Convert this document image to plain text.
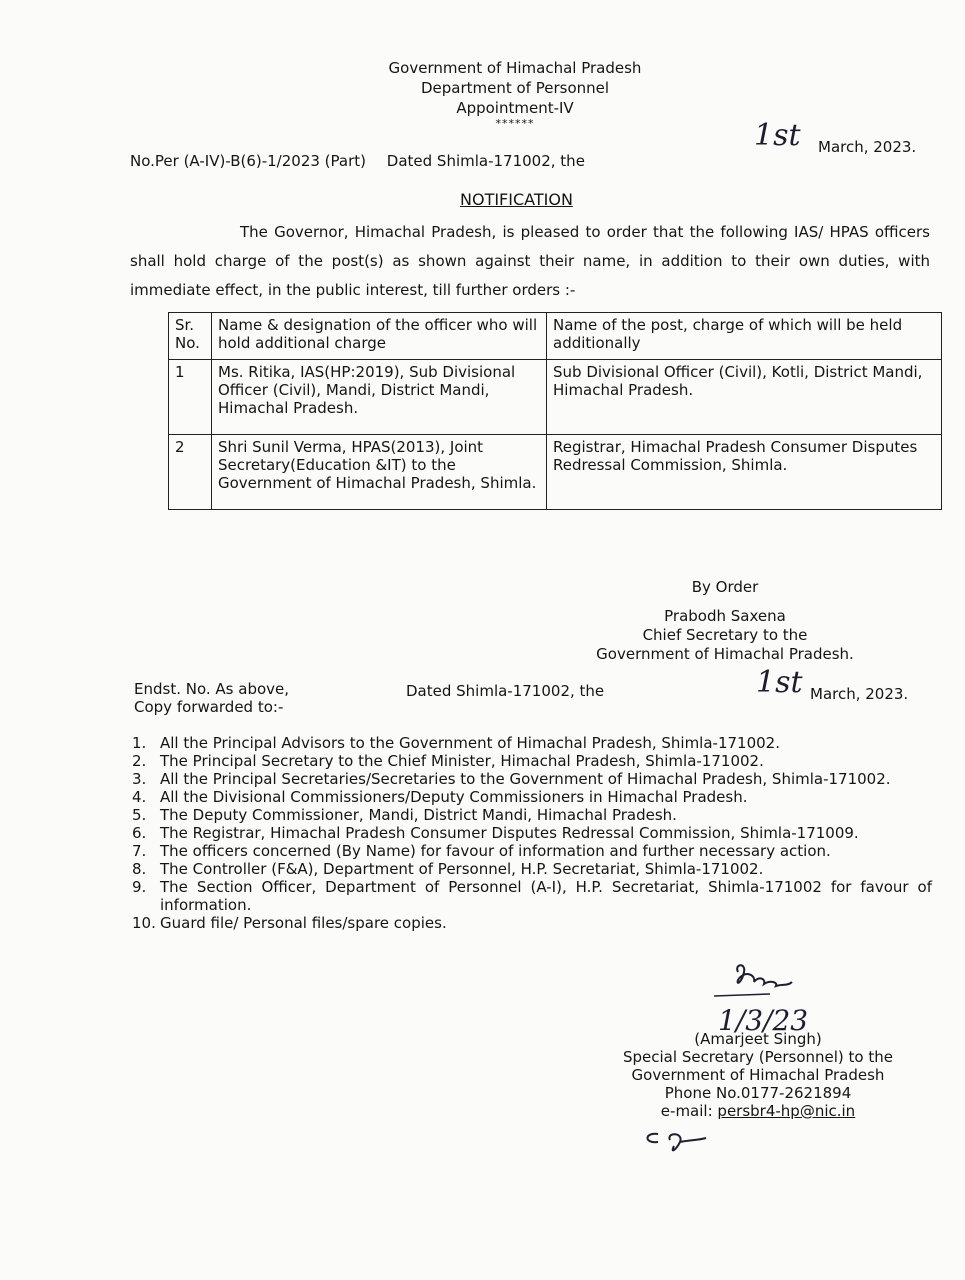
Government of Himachal Pradesh
Department of Personnel
Appointment-IV
******
No.Per (A-IV)-B(6)-1/2023 (Part) Dated Shimla-171002, the
1st March, 2023.
NOTIFICATION
The Governor, Himachal Pradesh, is pleased to order that the following IAS/ HPAS officers shall hold charge of the post(s) as shown against their name, in addition to their own duties, with immediate effect, in the public interest, till further orders :-
Sr. No.	Name & designation of the officer who will hold additional charge	Name of the post, charge of which will be held additionally
1	Ms. Ritika, IAS(HP:2019), Sub Divisional Officer (Civil), Mandi, District Mandi, Himachal Pradesh.	Sub Divisional Officer (Civil), Kotli, District Mandi, Himachal Pradesh.
2	Shri Sunil Verma, HPAS(2013), Joint Secretary(Education &IT) to the Government of Himachal Pradesh, Shimla.	Registrar, Himachal Pradesh Consumer Disputes Redressal Commission, Shimla.
By Order
Prabodh Saxena
Chief Secretary to the
Government of Himachal Pradesh.
Endst. No. As above,
Copy forwarded to:-
Dated Shimla-171002, the	1st March, 2023.
1. All the Principal Advisors to the Government of Himachal Pradesh, Shimla-171002.
2. The Principal Secretary to the Chief Minister, Himachal Pradesh, Shimla-171002.
3. All the Principal Secretaries/Secretaries to the Government of Himachal Pradesh, Shimla-171002.
4. All the Divisional Commissioners/Deputy Commissioners in Himachal Pradesh.
5. The Deputy Commissioner, Mandi, District Mandi, Himachal Pradesh.
6. The Registrar, Himachal Pradesh Consumer Disputes Redressal Commission, Shimla-171009.
7. The officers concerned (By Name) for favour of information and further necessary action.
8. The Controller (F&A), Department of Personnel, H.P. Secretariat, Shimla-171002.
9. The Section Officer, Department of Personnel (A-I), H.P. Secretariat, Shimla-171002 for favour of information.
10. Guard file/ Personal files/spare copies.
1/3/23
(Amarjeet Singh)
Special Secretary (Personnel) to the
Government of Himachal Pradesh
Phone No.0177-2621894
e-mail: persbr4-hp@nic.in
